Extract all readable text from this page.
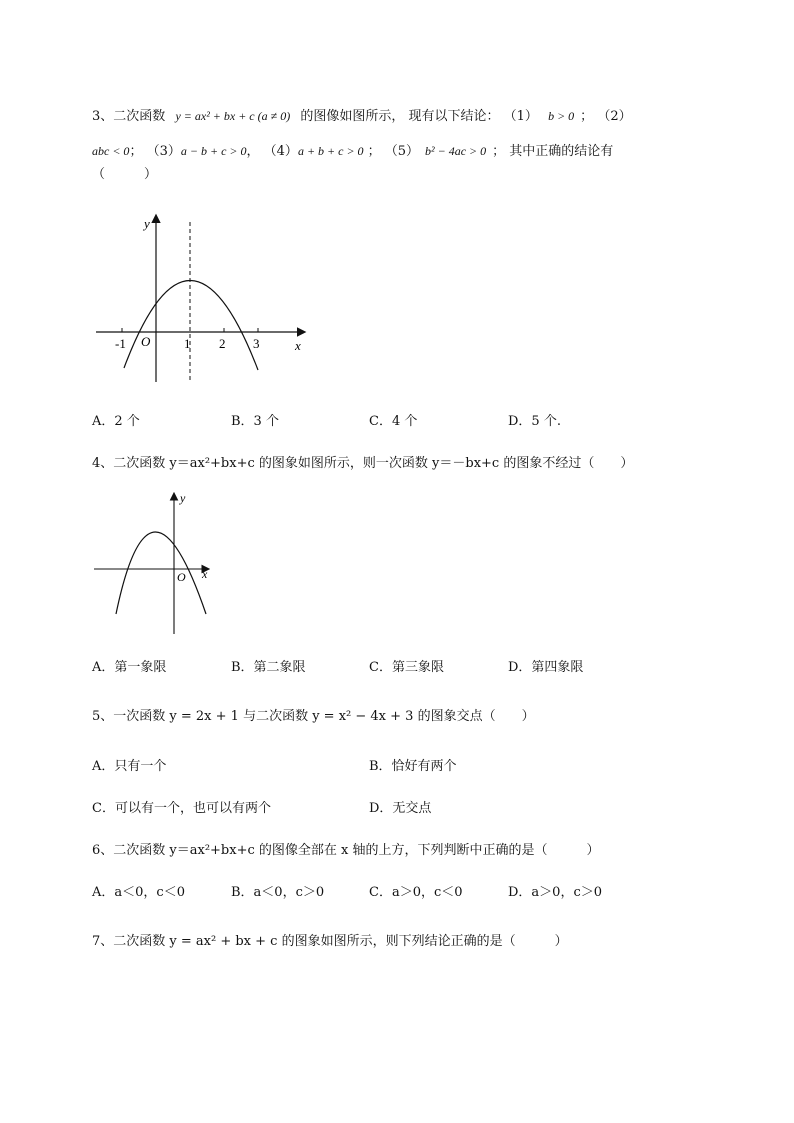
3、二次函数 y = ax² + bx + c (a ≠ 0) 的图像如图所示， 现有以下结论： （1） b > 0 ； （2）
abc < 0； （3）a − b + c > 0， （4）a + b + c > 0 ； （5） b² − 4ac > 0 ； 其中正确的结论有
（　　　）
y
x
O
-1	1 2 3
A．2 个	B．3 个	C．4 个	D．5 个.
4、二次函数 y＝ax²+bx+c 的图象如图所示，则一次函数 y＝－bx+c 的图象不经过（　　）
y
x
O
A．第一象限	B．第二象限	C．第三象限	D．第四象限
5、一次函数 y = 2x + 1 与二次函数 y = x² − 4x + 3 的图象交点（　　）
A．只有一个	B．恰好有两个
C．可以有一个，也可以有两个	D．无交点
6、二次函数 y＝ax²+bx+c 的图像全部在 x 轴的上方，下列判断中正确的是（　　　）
A．a＜0，c＜0	B．a＜0，c＞0	C．a＞0，c＜0	D．a＞0，c＞0
7、二次函数 y = ax² + bx + c 的图象如图所示，则下列结论正确的是（　　　）
